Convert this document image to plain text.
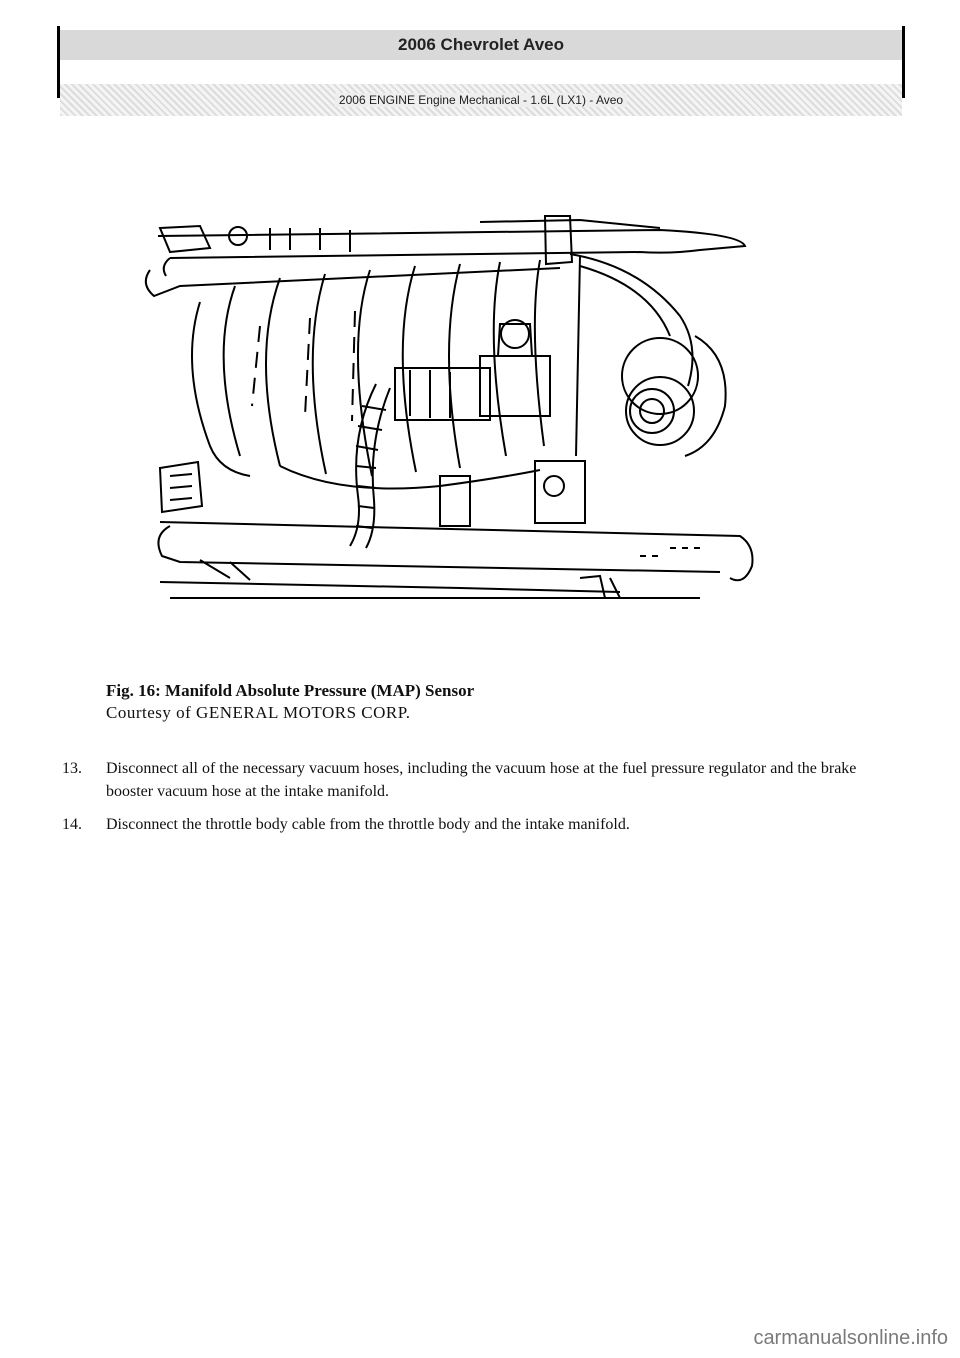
2006 Chevrolet Aveo
2006 ENGINE Engine Mechanical - 1.6L (LX1) - Aveo
Fig. 16: Manifold Absolute Pressure (MAP) Sensor
Courtesy of GENERAL MOTORS CORP.
13. Disconnect all of the necessary vacuum hoses, including the vacuum hose at the fuel pressure regulator and the brake booster vacuum hose at the intake manifold.
14. Disconnect the throttle body cable from the throttle body and the intake manifold.
carmanualsonline.info
